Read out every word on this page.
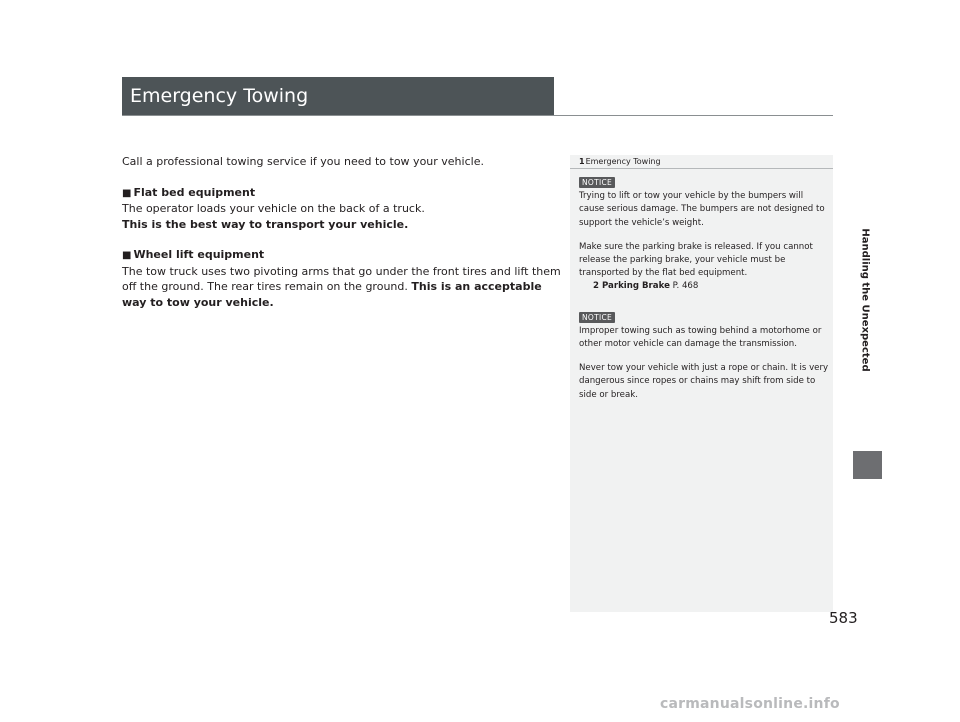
Emergency Towing

Call a professional towing service if you need to tow your vehicle.

■ Flat bed equipment

The operator loads your vehicle on the back of a truck.

This is the best way to transport your vehicle.

■ Wheel lift equipment

The tow truck uses two pivoting arms that go under the front tires and lift them off the ground. The rear tires remain on the ground. This is an acceptable way to tow your vehicle.

1Emergency Towing
NOTICE

Trying to lift or tow your vehicle by the bumpers will cause serious damage. The bumpers are not designed to support the vehicle’s weight.

Make sure the parking brake is released. If you cannot release the parking brake, your vehicle must be transported by the flat bed equipment.

2 Parking Brake P. 468

NOTICE

Improper towing such as towing behind a motorhome or other motor vehicle can damage the transmission.

Never tow your vehicle with just a rope or chain. It is very dangerous since ropes or chains may shift from side to side or break.

Handling the Unexpected
583
carmanualsonline.info
